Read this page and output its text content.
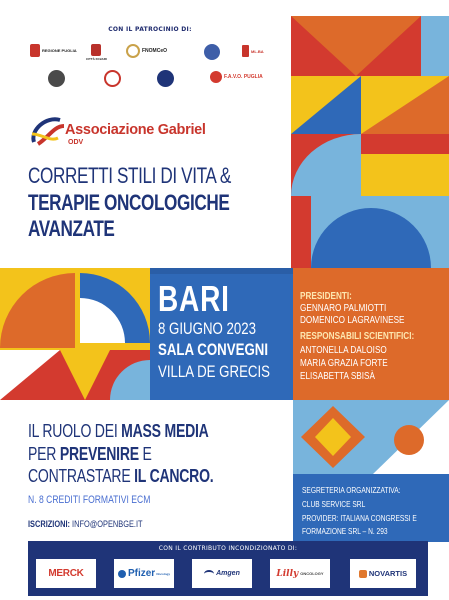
CON IL PATROCINIO DI:
REGIONE PUGLIA
CITTÀ DI BARI
FNOMCeO	ML.BA
F.A.V.O. PUGLIA
Associazione Gabriel
ODV
CORRETTI STILI DI VITA &
TERAPIE ONCOLOGICHE
AVANZATE
BARI
8 GIUGNO 2023
SALA CONVEGNI
VILLA DE GRECIS
PRESIDENTI:
GENNARO PALMIOTTI
DOMENICO LAGRAVINESE
RESPONSABILI SCIENTIFICI:
ANTONELLA DALOISO
MARIA GRAZIA FORTE
ELISABETTA SBISÀ
IL RUOLO DEI MASS MEDIA
PER PREVENIRE E
CONTRASTARE IL CANCRO.
N. 8 CREDITI FORMATIVI ECM
ISCRIZIONI: INFO@OPENBGE.IT
SEGRETERIA ORGANIZZATIVA:
CLUB SERVICE SRL
PROVIDER: ITALIANA CONGRESSI E
FORMAZIONE SRL – N. 293
CON IL CONTRIBUTO INCONDIZIONATO DI:
MERCK	Pfizer Oncology	Amgen	Lilly ONCOLOGY	NOVARTIS
